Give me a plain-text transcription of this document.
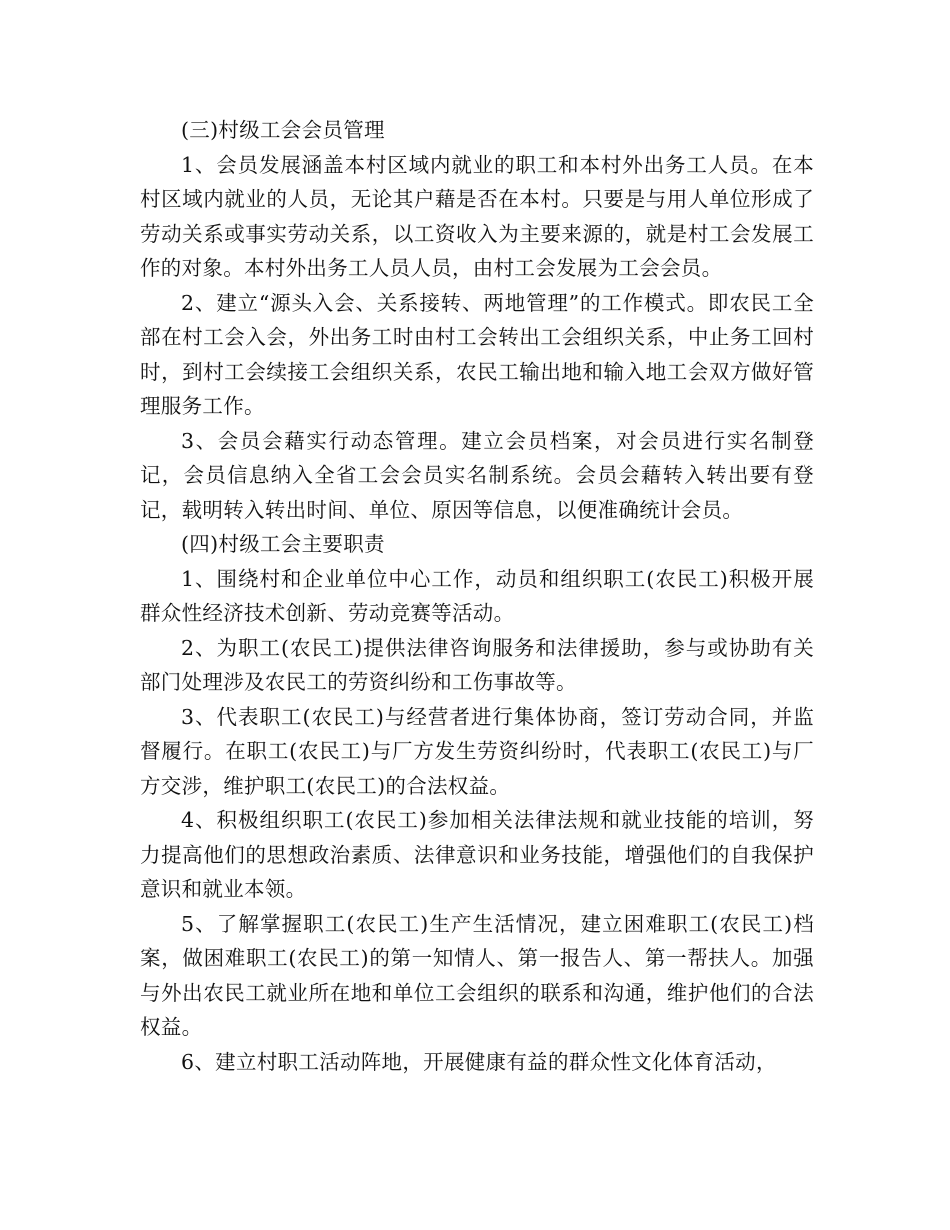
(三)村级工会会员管理

1、会员发展涵盖本村区域内就业的职工和本村外出务工人员。在本村区域内就业的人员，无论其户藉是否在本村。只要是与用人单位形成了劳动关系或事实劳动关系，以工资收入为主要来源的，就是村工会发展工作的对象。本村外出务工人员人员，由村工会发展为工会会员。

2、建立“源头入会、关系接转、两地管理”的工作模式。即农民工全部在村工会入会，外出务工时由村工会转出工会组织关系，中止务工回村时，到村工会续接工会组织关系，农民工输出地和输入地工会双方做好管理服务工作。

3、会员会藉实行动态管理。建立会员档案，对会员进行实名制登记，会员信息纳入全省工会会员实名制系统。会员会藉转入转出要有登记，载明转入转出时间、单位、原因等信息，以便准确统计会员。

(四)村级工会主要职责

1、围绕村和企业单位中心工作，动员和组织职工(农民工)积极开展群众性经济技术创新、劳动竞赛等活动。

2、为职工(农民工)提供法律咨询服务和法律援助，参与或协助有关部门处理涉及农民工的劳资纠纷和工伤事故等。

3、代表职工(农民工)与经营者进行集体协商，签订劳动合同，并监督履行。在职工(农民工)与厂方发生劳资纠纷时，代表职工(农民工)与厂方交涉，维护职工(农民工)的合法权益。

4、积极组织职工(农民工)参加相关法律法规和就业技能的培训，努力提高他们的思想政治素质、法律意识和业务技能，增强他们的自我保护意识和就业本领。

5、了解掌握职工(农民工)生产生活情况，建立困难职工(农民工)档案，做困难职工(农民工)的第一知情人、第一报告人、第一帮扶人。加强与外出农民工就业所在地和单位工会组织的联系和沟通，维护他们的合法权益。

6、建立村职工活动阵地，开展健康有益的群众性文化体育活动，
